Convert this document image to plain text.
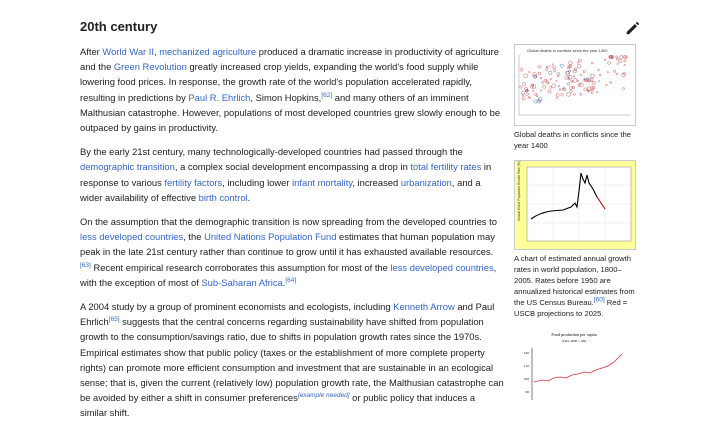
20th century

After World War II, mechanized agriculture produced a dramatic increase in productivity of agriculture and the Green Revolution greatly increased crop yields, expanding the world's food supply while lowering food prices. In response, the growth rate of the world's population accelerated rapidly, resulting in predictions by Paul R. Ehrlich, Simon Hopkins,[62] and many others of an imminent Malthusian catastrophe. However, populations of most developed countries grew slowly enough to be outpaced by gains in productivity.

By the early 21st century, many technologically-developed countries had passed through the demographic transition, a complex social development encompassing a drop in total fertility rates in response to various fertility factors, including lower infant mortality, increased urbanization, and a wider availability of effective birth control.

On the assumption that the demographic transition is now spreading from the developed countries to less developed countries, the United Nations Population Fund estimates that human population may peak in the late 21st century rather than continue to grow until it has exhausted available resources.[63] Recent empirical research corroborates this assumption for most of the less developed countries, with the exception of most of Sub-Saharan Africa.[64]

A 2004 study by a group of prominent economists and ecologists, including Kenneth Arrow and Paul Ehrlich[65] suggests that the central concerns regarding sustainability have shifted from population growth to the consumption/savings ratio, due to shifts in population growth rates since the 1970s. Empirical estimates show that public policy (taxes or the establishment of more complete property rights) can promote more efficient consumption and investment that are sustainable in an ecological sense; that is, given the current (relatively low) population growth rate, the Malthusian catastrophe can be avoided by either a shift in consumer preferences[example needed] or public policy that induces a similar shift.

Global deaths in conflicts since the year 1400
Global deaths in conflicts since the year 1400
Annual World Population Growth Rate (%)
A chart of estimated annual growth rates in world population, 1800–2005. Rates before 1950 are annualized historical estimates from the US Census Bureau.[60] Red = USCB projections to 2025.
Food production per capita
(1961–2006 = 100)
120
110
100
90
